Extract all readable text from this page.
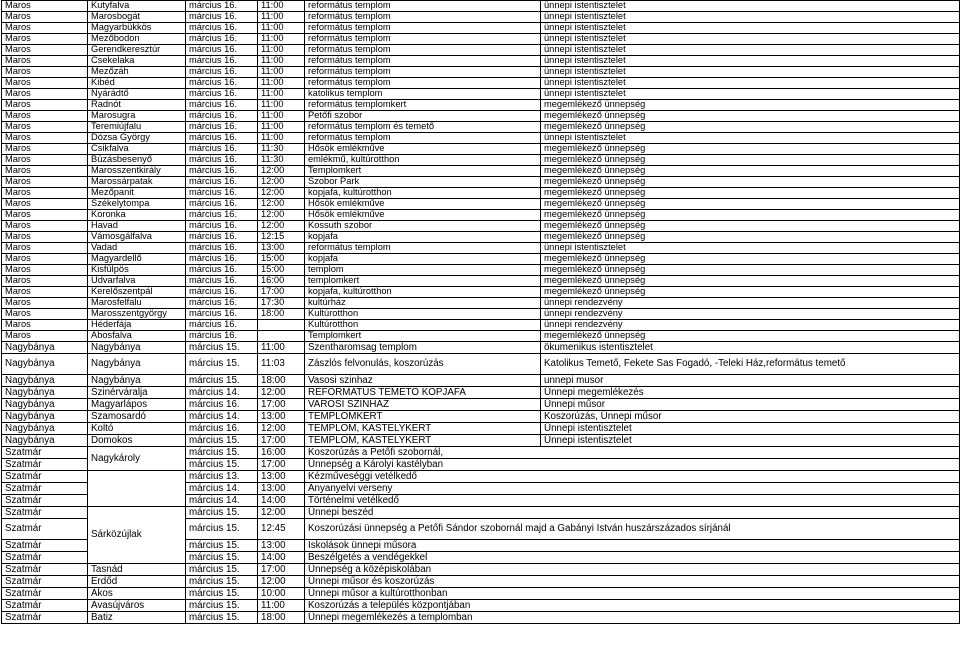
Maros	Kutyfalva	március 16.	11:00	református templom	ünnepi istentisztelet
Maros	Marosbogát	március 16.	11:00	református templom	ünnepi istentisztelet
Maros	Magyarbükkös	március 16.	11:00	református templom	ünnepi istentisztelet
Maros	Mezőbodon	március 16.	11:00	református templom	ünnepi istentisztelet
Maros	Gerendkeresztúr	március 16.	11:00	református templom	ünnepi istentisztelet
Maros	Csekelaka	március 16.	11:00	református templom	ünnepi istentisztelet
Maros	Mezőzáh	március 16.	11:00	református templom	ünnepi istentisztelet
Maros	Kibéd	március 16.	11:00	református templom	ünnepi istentisztelet
Maros	Nyárádtő	március 16.	11:00	katolikus templom	ünnepi istentisztelet
Maros	Radnót	március 16.	11:00	református templomkert	megemlékező ünnepség
Maros	Marosugra	március 16.	11:00	Petőfi szobor	megemlékező ünnepség
Maros	Teremiújfalu	március 16.	11:00	református templom és temető	megemlékező ünnepség
Maros	Dózsa György	március 16.	11:00	református templom	ünnepi istentisztelet
Maros	Csikfalva	március 16.	11:30	Hősök emlékműve	megemlékező ünnepség
Maros	Búzásbesenyő	március 16.	11:30	emlékmű, kultúrotthon	megemlékező ünnepség
Maros	Marosszentkirály	március 16.	12:00	Templomkert	megemlékező ünnepség
Maros	Marossárpatak	március 16.	12:00	Szobor Park	megemlékező ünnepség
Maros	Mezőpanit	március 16.	12:00	kopjafa, kultúrotthon	megemlékező ünnepség
Maros	Székelytompa	március 16.	12:00	Hősök emlékműve	megemlékező ünnepség
Maros	Koronka	március 16.	12:00	Hősök emlékműve	megemlékező ünnepség
Maros	Havad	március 16.	12:00	Kossuth szobor	megemlékező ünnepség
Maros	Vámosgálfalva	március 16.	12:15	kopjafa	megemlékező ünnepség
Maros	Vadad	március 16.	13:00	református templom	ünnepi istentisztelet
Maros	Magyardellő	március 16.	15:00	kopjafa	megemlékező ünnepség
Maros	Kisfülpös	március 16.	15:00	templom	megemlékező ünnepség
Maros	Udvarfalva	március 16.	16:00	templomkert	megemlékező ünnepség
Maros	Kerelőszentpál	március 16.	17:00	kopjafa, kultúrotthon	megemlékező ünnepség
Maros	Marosfelfalu	március 16.	17:30	kultúrház	ünnepi rendezvény
Maros	Marosszentgyörgy	március 16.	18:00	Kultúrotthon	ünnepi rendezvény
Maros	Héderfája	március 16.		Kultúrotthon	ünnepi rendezvény
Maros	Abosfalva	március 16.		Templomkert	megemlékező ünnepség
Nagybánya	Nagybánya	március 15.	11:00	Szentharomsag templom	ökumenikus istentisztelet
Nagybánya	Nagybánya	március 15.	11:03	Zászlós felvonulás, koszorúzás	Katolikus Temető, Fekete Sas Fogadó, -Teleki Ház,református temető
Nagybánya	Nagybánya	március 15.	18:00	Vasosi szinhaz	unnepi musor
Nagybánya	Szinérváralja	március 14.	12:00	REFORMATUS TEMETO KOPJAFA	Ünnepi megemlékezés
Nagybánya	Magyarlápos	március 16.	17:00	VAROSI SZINHAZ	Ünnepi műsor
Nagybánya	Szamosardó	március 14.	13:00	TEMPLOMKERT	Koszorúzás, Ünnepi műsor
Nagybánya	Koltó	március 16.	12:00	TEMPLOM, KASTELYKERT	Ünnepi istentisztelet
Nagybánya	Domokos	március 15.	17:00	TEMPLOM, KASTELYKERT	Ünnepi istentisztelet
Szatmár	Nagykároly	március 15.	16:00	Koszorúzás a Petőfi szobornál,	
Szatmár		március 15.	17:00	Ünnepség a Károlyi kastélyban	
Szatmár		március 13.	13:00	Kézműveséggi vetélkedő	
Szatmár		március 14.	13:00	Anyanyelvi verseny	
Szatmár		március 14.	14:00	Történelmi vetélkedő	
Szatmár	Sárközújlak	március 15.	12:00	Ünnepi beszéd	
Szatmár		március 15.	12:45	Koszorúzási ünnepség a Petőfi Sándor szobornál majd a Gabányi István huszárszázados sírjánál	
Szatmár		március 15.	13:00	Iskolások ünnepi műsora	
Szatmár		március 15.	14:00	Beszélgetés a vendégekkel	
Szatmár	Tasnád	március 15.	17:00	Ünnepség a középiskolában	
Szatmár	Erdőd	március 15.	12:00	Ünnepi műsor és koszorúzás	
Szatmár	Ákos	március 15.	10:00	Ünnepi műsor a kultúrotthonban	
Szatmár	Avasújváros	március 15.	11:00	Koszorúzás a település központjában	
Szatmár	Batiz	március 15.	18:00	Ünnepi megemlékezés a templomban	
